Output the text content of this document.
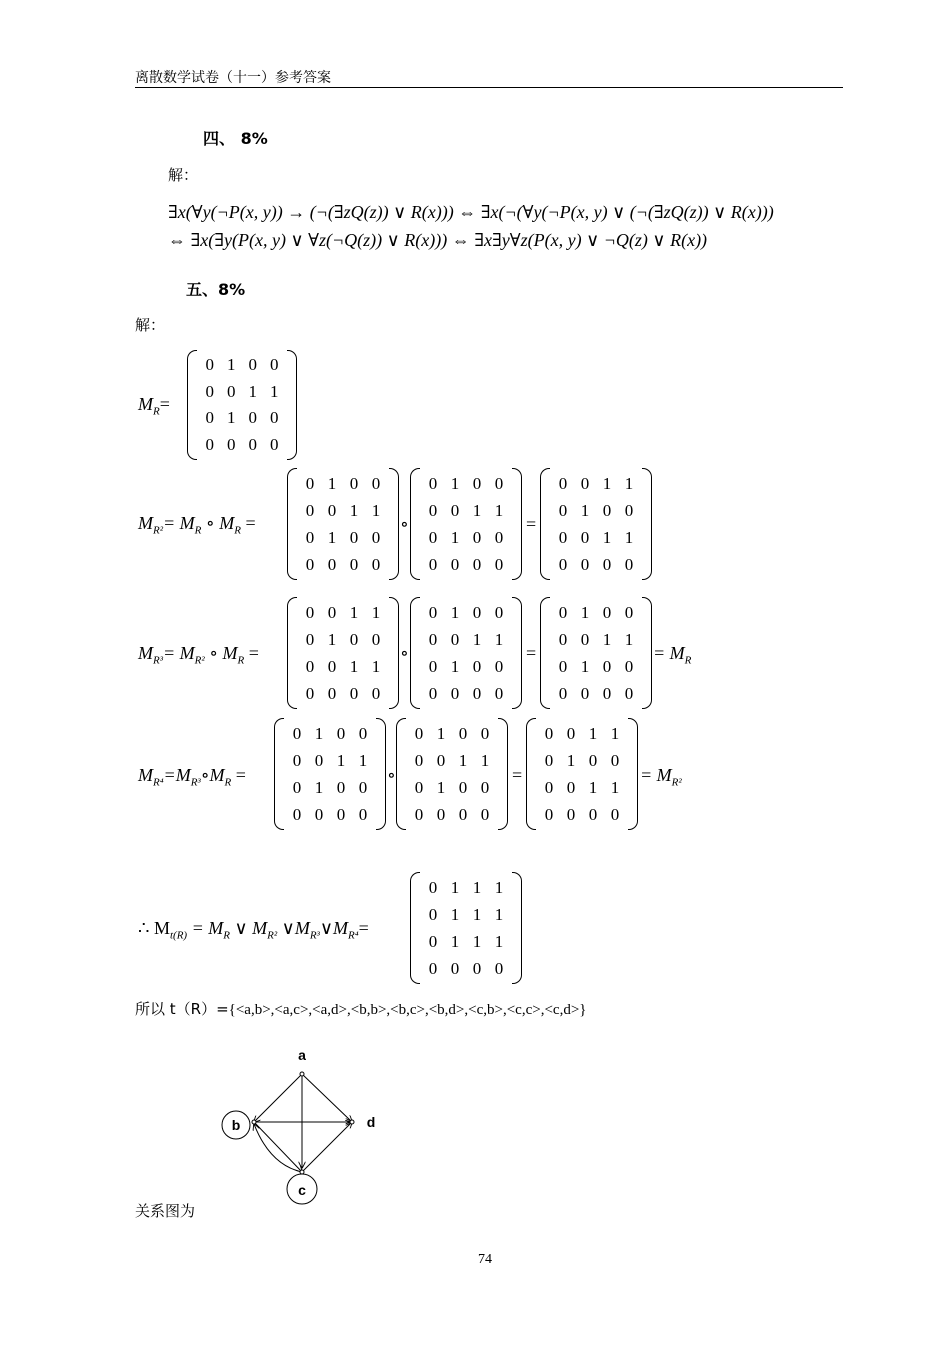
离散数学试卷（十一）参考答案
四、 8%
解：
∃x(∀y(¬P(x, y)) → (¬(∃zQ(z)) ∨ R(x))) ⇔ ∃x(¬(∀y(¬P(x, y) ∨ (¬(∃zQ(z)) ∨ R(x)))
⇔ ∃x(∃y(P(x, y) ∨ ∀z(¬Q(z)) ∨ R(x))) ⇔ ∃x∃y∀z(P(x, y) ∨ ¬Q(z) ∨ R(x))
五、8%
解：
$M_R=$
0 1 0 0
0 0 1 1
0 1 0 0
0 0 0 0
$M_{R^2}= M_R$ ∘ $M_R$ =
0 1 0 0
0 0 1 1
0 1 0 0
0 0 0 0
∘
0 1 0 0
0 0 1 1
0 1 0 0
0 0 0 0
=
0 0 1 1
0 1 0 0
0 0 1 1
0 0 0 0
$M_{R^3}= M_{R^2}$ ∘ $M_R$ =
0 0 1 1
0 1 0 0
0 0 1 1
0 0 0 0
∘
0 1 0 0
0 0 1 1
0 1 0 0
0 0 0 0
=
0 1 0 0
0 0 1 1
0 1 0 0
0 0 0 0
= $M_R$
$M_{R^4}=M_{R^3}\circ M_R$ =
0 1 0 0
0 0 1 1
0 1 0 0
0 0 0 0
∘
0 1 0 0
0 0 1 1
0 1 0 0
0 0 0 0
=
0 0 1 1
0 1 0 0
0 0 1 1
0 0 0 0
= $M_{R^2}$
∴ $M_{t(R)} = M_R$ ∨ $M_{R^2}$ $\vee M_{R^3}\vee M_{R^4}=$
0 1 1 1
0 1 1 1
0 1 1 1
0 0 0 0
所以 t（R）={<a,b>,<a,c>,<a,d>,<b,b>,<b,c>,<b,d>,<c,b>,<c,c>,<c,d>}
a
b
c
d
关系图为
74
